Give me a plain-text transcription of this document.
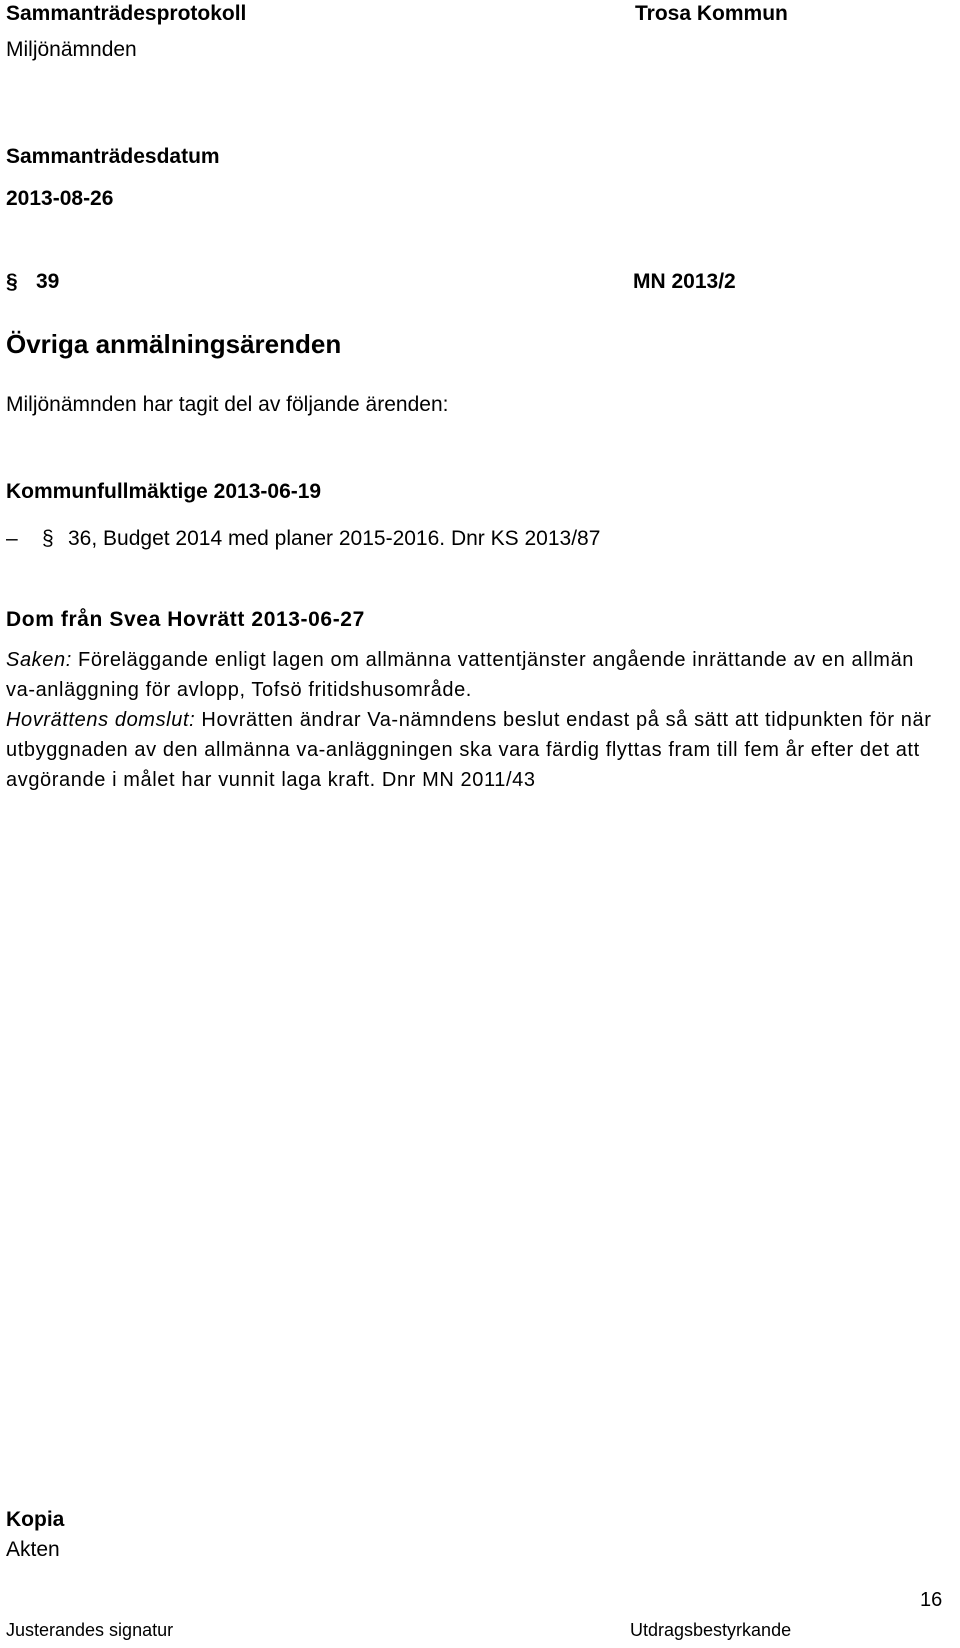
Sammanträdesprotokoll	Trosa Kommun
Miljönämnden
Sammanträdesdatum
2013-08-26
§ 39	MN 2013/2
Övriga anmälningsärenden
Miljönämnden har tagit del av följande ärenden:
Kommunfullmäktige 2013-06-19
– § 36, Budget 2014 med planer 2015-2016. Dnr KS 2013/87
Dom från Svea Hovrätt 2013-06-27

Saken: Föreläggande enligt lagen om allmänna vattentjänster angående inrättande av en allmän va-anläggning för avlopp, Tofsö fritidshusområde.

Hovrättens domslut: Hovrätten ändrar Va-nämndens beslut endast på så sätt att tidpunkten för när utbyggnaden av den allmänna va-anläggningen ska vara färdig flyttas fram till fem år efter det att avgörande i målet har vunnit laga kraft. Dnr MN 2011/43

Kopia
Akten
16
Justerandes signatur	Utdragsbestyrkande
